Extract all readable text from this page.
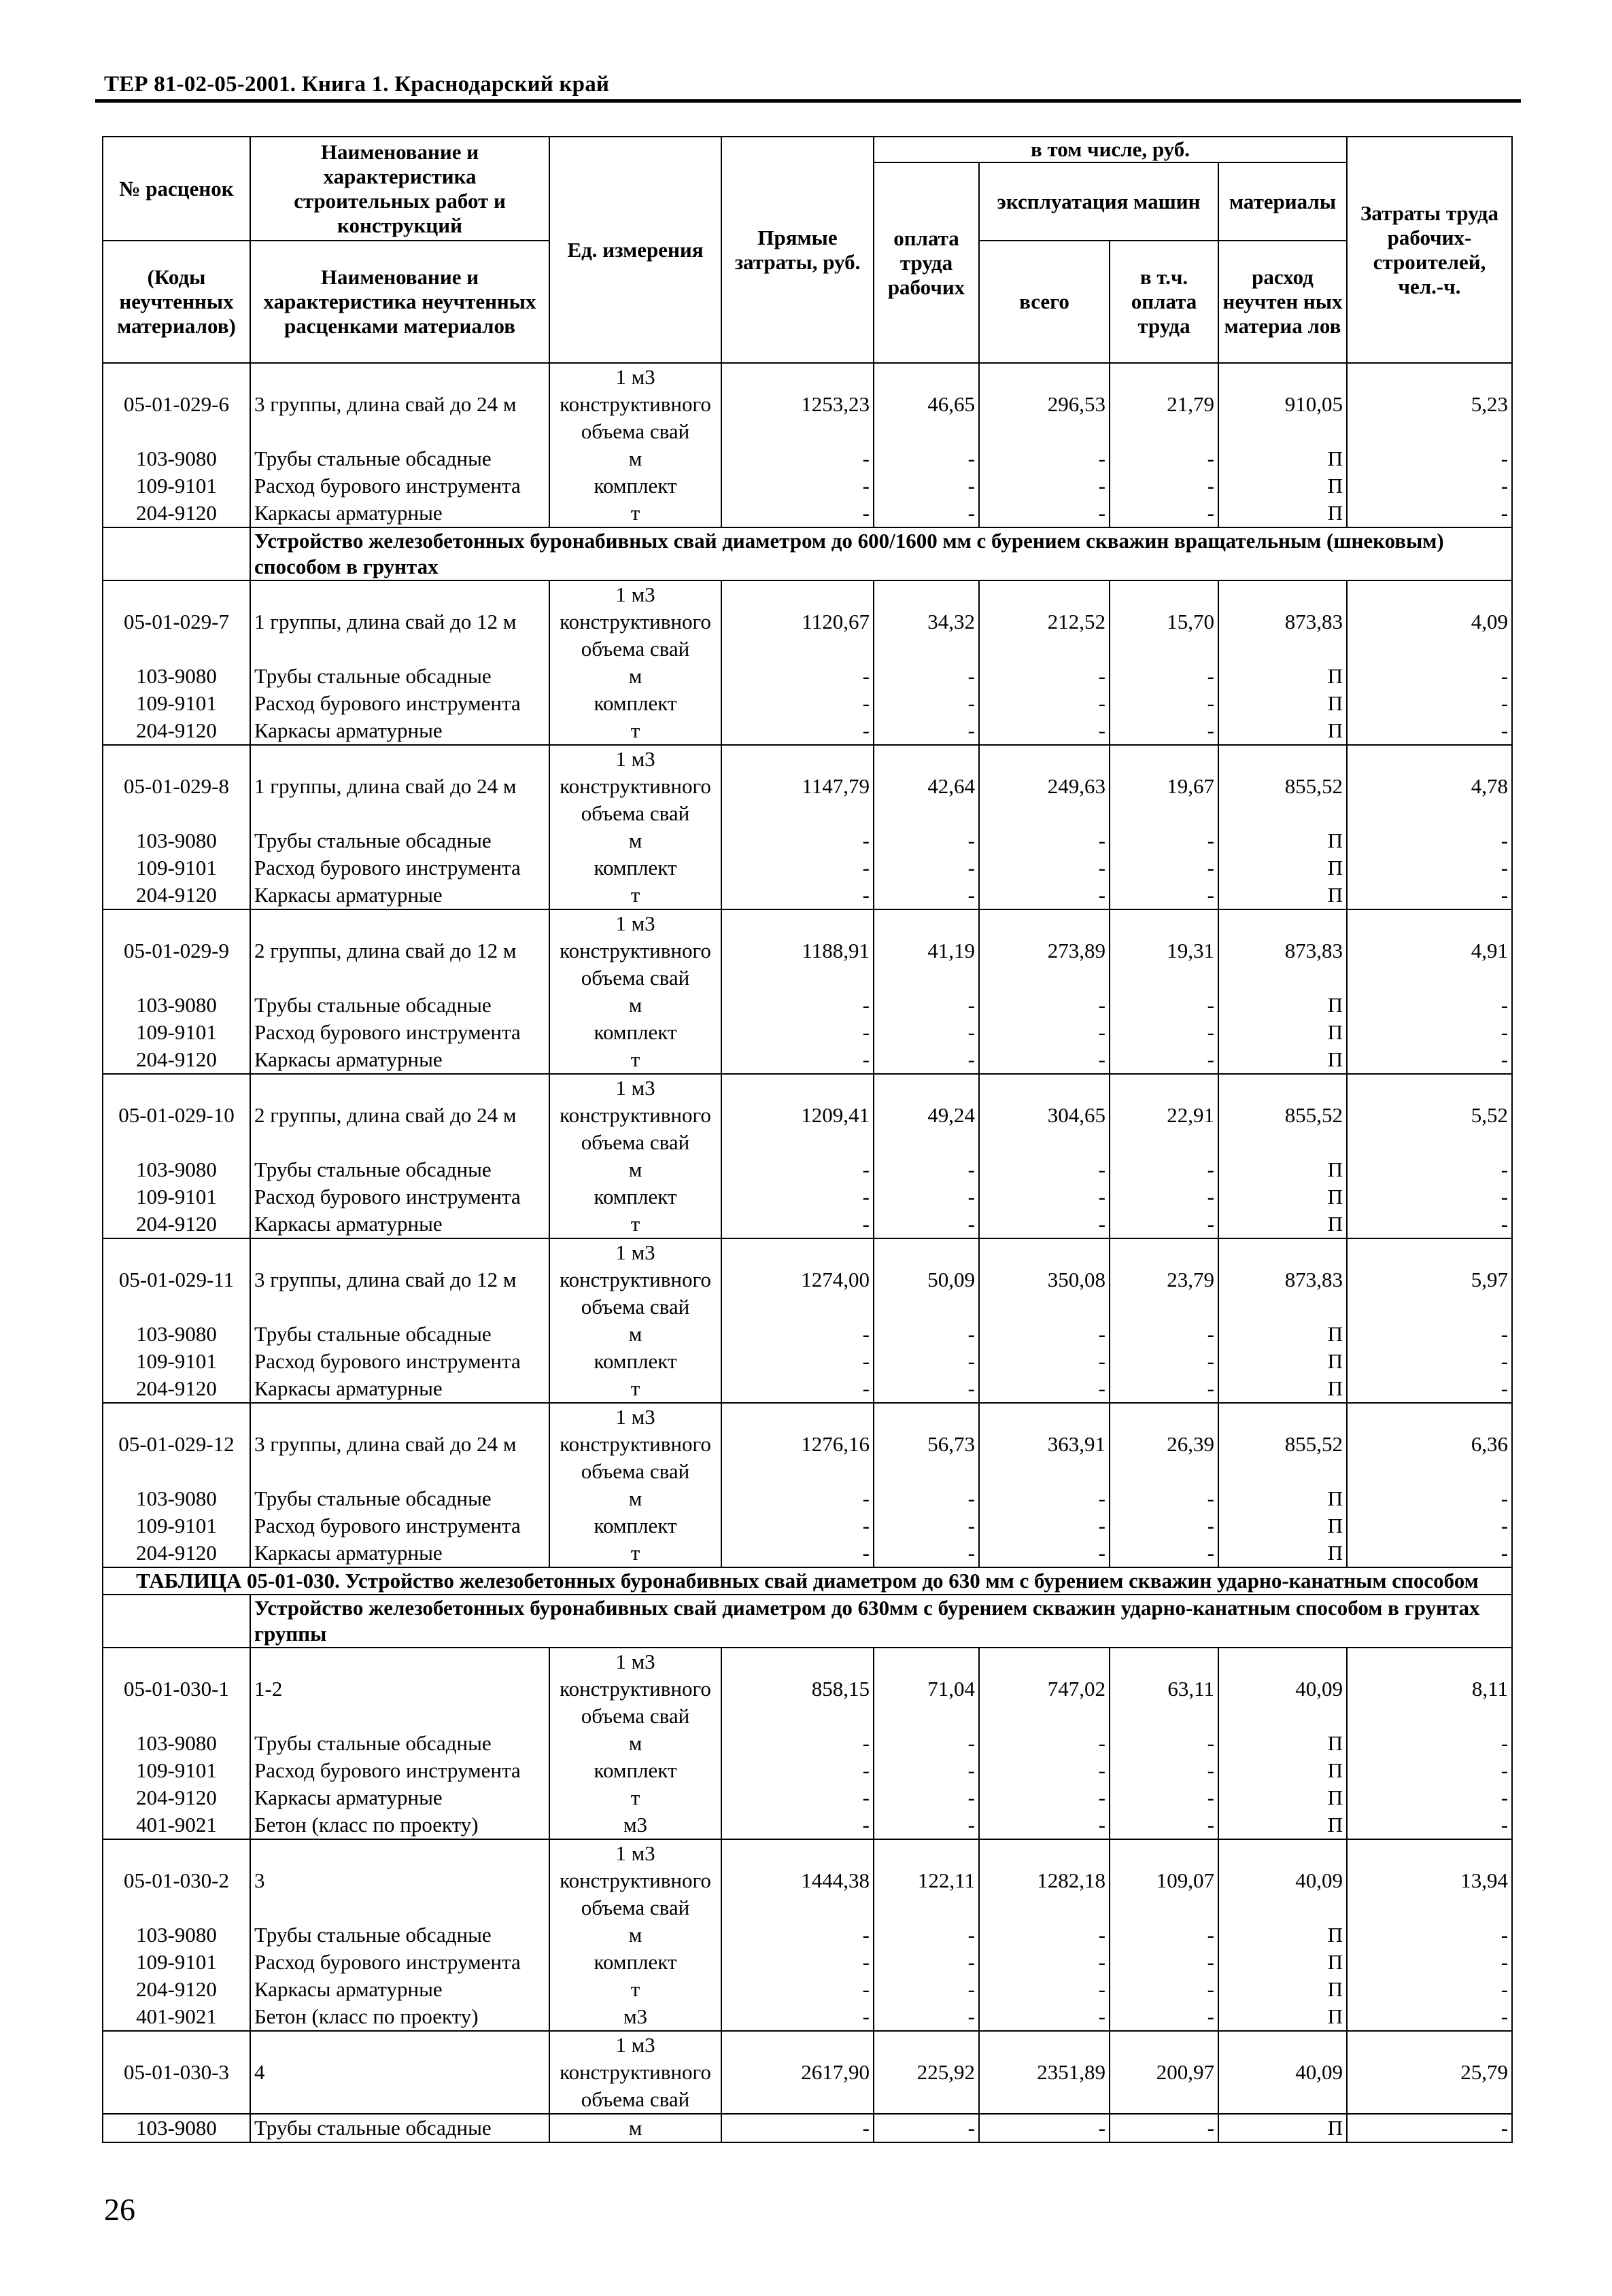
ТЕР 81-02-05-2001. Книга 1. Краснодарский край
№ расценок	Наименование и характеристика строительных работ и конструкций	Ед. измерения	Прямые затраты, руб.	в том числе, руб.				Затраты труда рабочих-строителей, чел.-ч.
				оплата труда рабочих	эксплуатация машин		материалы	
(Коды неучтенных материалов)	Наименование и характеристика неучтенных расценками материалов				всего	в т.ч. оплата труда	расход неучтен ных материа лов	

05-01-029-6	3 группы, длина свай до 24 м	1 м3 конструктивного объема свай	1253,23	46,65	296,53	21,79	910,05	5,23
103-9080	Трубы стальные обсадные	м	-	-	-	-	П	-
109-9101	Расход бурового инструмента	комплект	-	-	-	-	П	-
204-9120	Каркасы арматурные	т	-	-	-	-	П	-
	Устройство железобетонных буронабивных свай диаметром до 600/1600 мм с бурением скважин вращательным (шнековым) способом в грунтах							
05-01-029-7	1 группы, длина свай до 12 м	1 м3 конструктивного объема свай	1120,67	34,32	212,52	15,70	873,83	4,09
103-9080	Трубы стальные обсадные	м	-	-	-	-	П	-
109-9101	Расход бурового инструмента	комплект	-	-	-	-	П	-
204-9120	Каркасы арматурные	т	-	-	-	-	П	-
05-01-029-8	1 группы, длина свай до 24 м	1 м3 конструктивного объема свай	1147,79	42,64	249,63	19,67	855,52	4,78
103-9080	Трубы стальные обсадные	м	-	-	-	-	П	-
109-9101	Расход бурового инструмента	комплект	-	-	-	-	П	-
204-9120	Каркасы арматурные	т	-	-	-	-	П	-
05-01-029-9	2 группы, длина свай до 12 м	1 м3 конструктивного объема свай	1188,91	41,19	273,89	19,31	873,83	4,91
103-9080	Трубы стальные обсадные	м	-	-	-	-	П	-
109-9101	Расход бурового инструмента	комплект	-	-	-	-	П	-
204-9120	Каркасы арматурные	т	-	-	-	-	П	-
05-01-029-10	2 группы, длина свай до 24 м	1 м3 конструктивного объема свай	1209,41	49,24	304,65	22,91	855,52	5,52
103-9080	Трубы стальные обсадные	м	-	-	-	-	П	-
109-9101	Расход бурового инструмента	комплект	-	-	-	-	П	-
204-9120	Каркасы арматурные	т	-	-	-	-	П	-
05-01-029-11	3 группы, длина свай до 12 м	1 м3 конструктивного объема свай	1274,00	50,09	350,08	23,79	873,83	5,97
103-9080	Трубы стальные обсадные	м	-	-	-	-	П	-
109-9101	Расход бурового инструмента	комплект	-	-	-	-	П	-
204-9120	Каркасы арматурные	т	-	-	-	-	П	-
05-01-029-12	3 группы, длина свай до 24 м	1 м3 конструктивного объема свай	1276,16	56,73	363,91	26,39	855,52	6,36
103-9080	Трубы стальные обсадные	м	-	-	-	-	П	-
109-9101	Расход бурового инструмента	комплект	-	-	-	-	П	-
204-9120	Каркасы арматурные	т	-	-	-	-	П	-
ТАБЛИЦА 05-01-030. Устройство железобетонных буронабивных свай диаметром до 630 мм с бурением скважин ударно-канатным способом								
	Устройство железобетонных буронабивных свай диаметром до 630мм с бурением скважин ударно-канатным способом в грунтах группы							
05-01-030-1	1-2	1 м3 конструктивного объема свай	858,15	71,04	747,02	63,11	40,09	8,11
103-9080	Трубы стальные обсадные	м	-	-	-	-	П	-
109-9101	Расход бурового инструмента	комплект	-	-	-	-	П	-
204-9120	Каркасы арматурные	т	-	-	-	-	П	-
401-9021	Бетон (класс по проекту)	м3	-	-	-	-	П	-
05-01-030-2	3	1 м3 конструктивного объема свай	1444,38	122,11	1282,18	109,07	40,09	13,94
103-9080	Трубы стальные обсадные	м	-	-	-	-	П	-
109-9101	Расход бурового инструмента	комплект	-	-	-	-	П	-
204-9120	Каркасы арматурные	т	-	-	-	-	П	-
401-9021	Бетон (класс по проекту)	м3	-	-	-	-	П	-
05-01-030-3	4	1 м3 конструктивного объема свай	2617,90	225,92	2351,89	200,97	40,09	25,79
103-9080	Трубы стальные обсадные	м	-	-	-	-	П	-
26
